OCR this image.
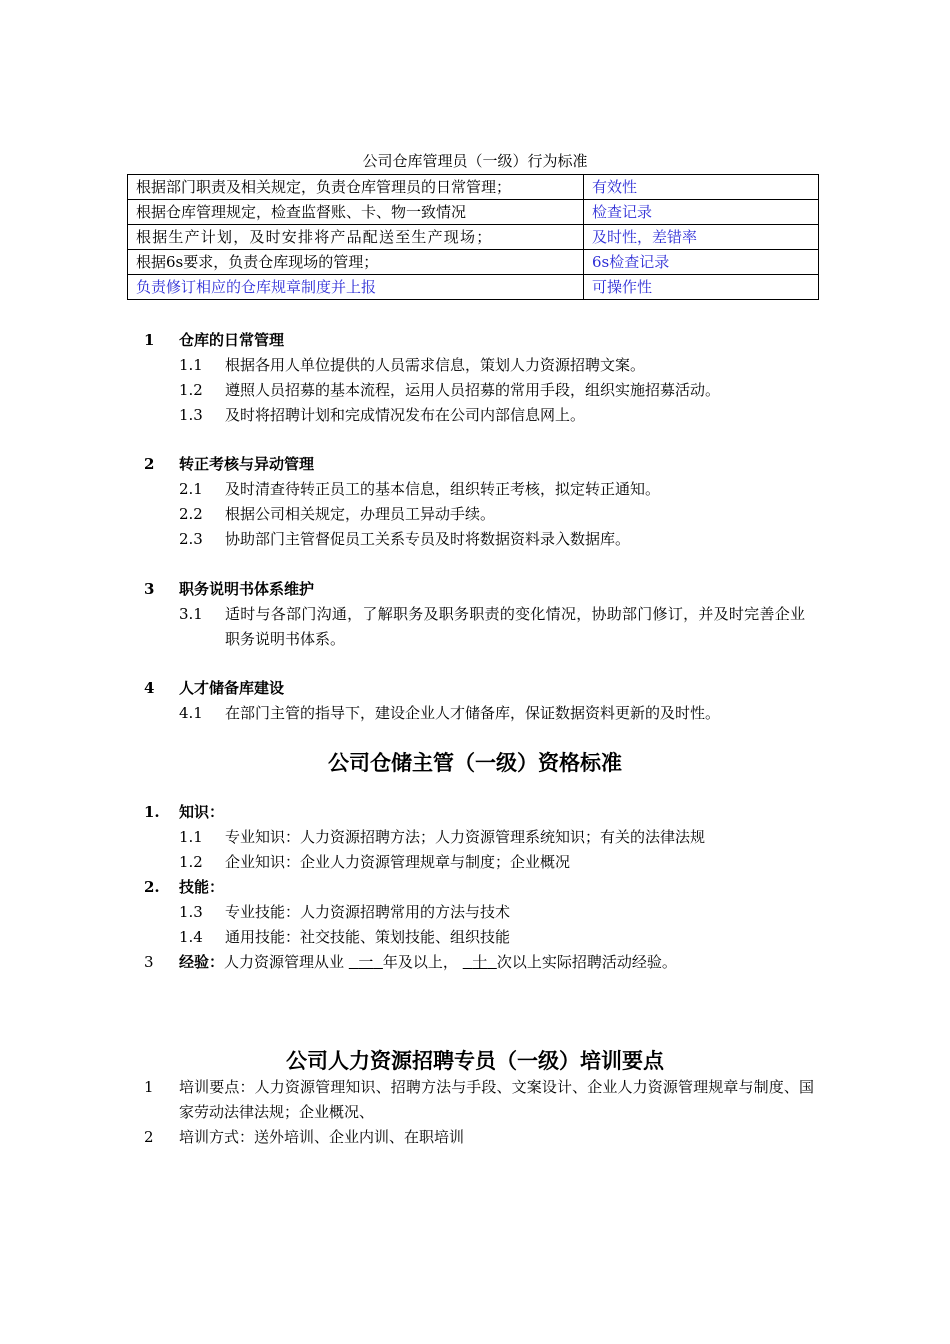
公司仓库管理员（一级）行为标准
根据部门职责及相关规定，负责仓库管理员的日常管理；	有效性
根据仓库管理规定，检查监督账、卡、物一致情况	检查记录
根据生产计划，及时安排将产品配送至生产现场；	及时性，差错率
根据6s要求，负责仓库现场的管理；	6s检查记录
负责修订相应的仓库规章制度并上报	可操作性
1 仓库的日常管理
1.1 根据各用人单位提供的人员需求信息，策划人力资源招聘文案。
1.2 遵照人员招募的基本流程，运用人员招募的常用手段，组织实施招募活动。
1.3 及时将招聘计划和完成情况发布在公司内部信息网上。
2 转正考核与异动管理
2.1 及时清查待转正员工的基本信息，组织转正考核，拟定转正通知。
2.2 根据公司相关规定，办理员工异动手续。
2.3 协助部门主管督促员工关系专员及时将数据资料录入数据库。
3 职务说明书体系维护
3.1 适时与各部门沟通，了解职务及职务职责的变化情况，协助部门修订，并及时完善企业职务说明书体系。
4 人才储备库建设
4.1 在部门主管的指导下，建设企业人才储备库，保证数据资料更新的及时性。
公司仓储主管（一级）资格标准
1. 知识：
1.1 专业知识：人力资源招聘方法；人力资源管理系统知识；有关的法律法规
1.2 企业知识：企业人力资源管理规章与制度；企业概况
2. 技能：
1.3 专业技能：人力资源招聘常用的方法与技术
1.4 通用技能：社交技能、策划技能、组织技能
3 经验：人力资源管理从业 一 年及以上， 十 次以上实际招聘活动经验。
公司人力资源招聘专员（一级）培训要点
1 培训要点：人力资源管理知识、招聘方法与手段、文案设计、企业人力资源管理规章与制度、国家劳动法律法规；企业概况、
2 培训方式：送外培训、企业内训、在职培训
